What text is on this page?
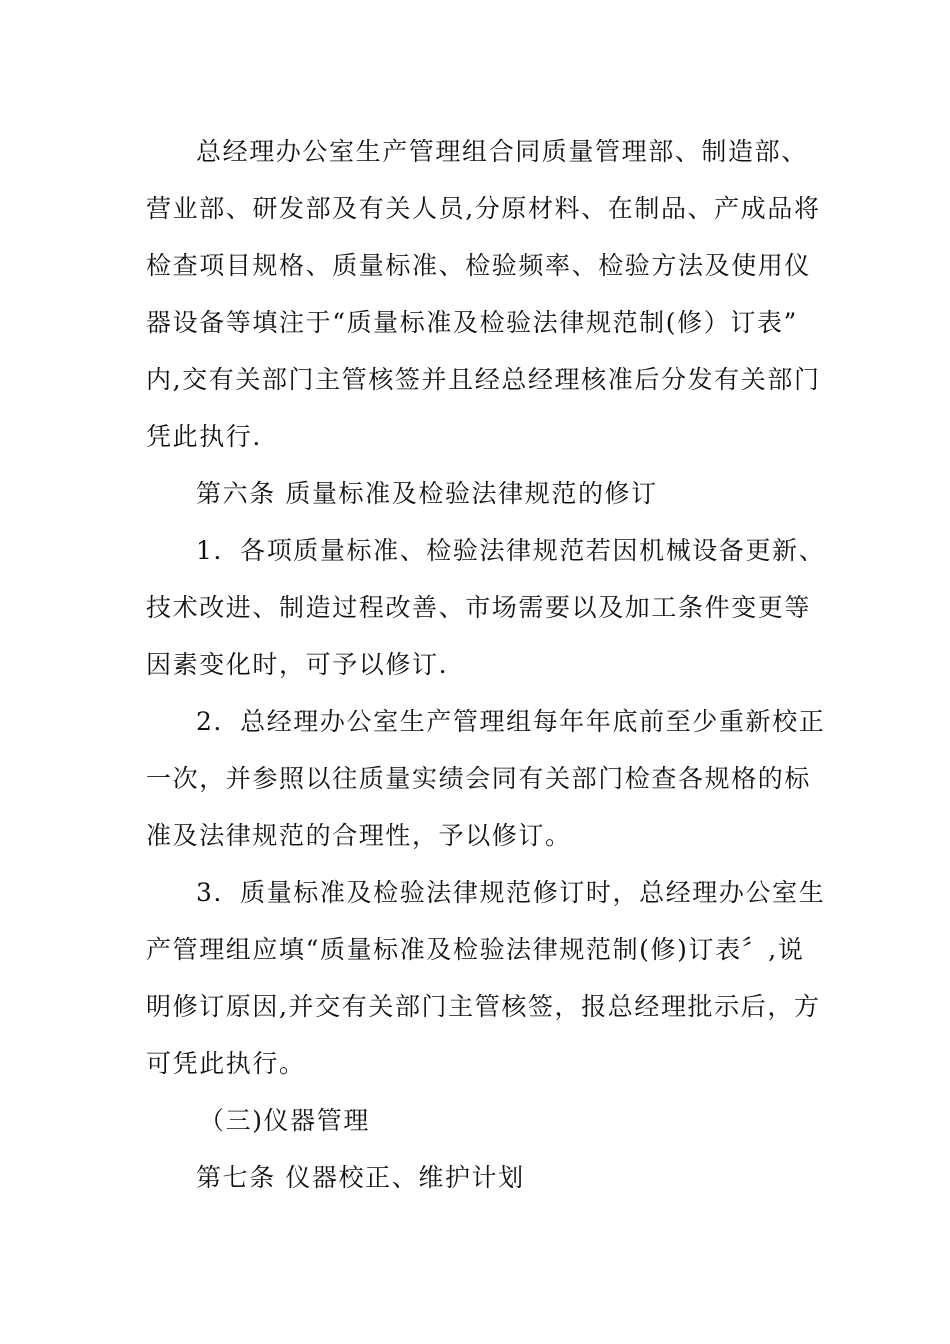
总经理办公室生产管理组合同质量管理部、制造部、
营业部、研发部及有关人员,分原材料、在制品、产成品将
检查项目规格、质量标准、检验频率、检验方法及使用仪
器设备等填注于“质量标准及检验法律规范制(修）订表”
内,交有关部门主管核签并且经总经理核准后分发有关部门
凭此执行.
第六条 质量标准及检验法律规范的修订
1．各项质量标准、检验法律规范若因机械设备更新、
技术改进、制造过程改善、市场需要以及加工条件变更等
因素变化时，可予以修订.
2．总经理办公室生产管理组每年年底前至少重新校正
一次，并参照以往质量实绩会同有关部门检查各规格的标
准及法律规范的合理性，予以修订。
3．质量标准及检验法律规范修订时，总经理办公室生
产管理组应填“质量标准及检验法律规范制(修)订表〞,说
明修订原因,并交有关部门主管核签，报总经理批示后，方
可凭此执行。
（三)仪器管理
第七条 仪器校正、维护计划
